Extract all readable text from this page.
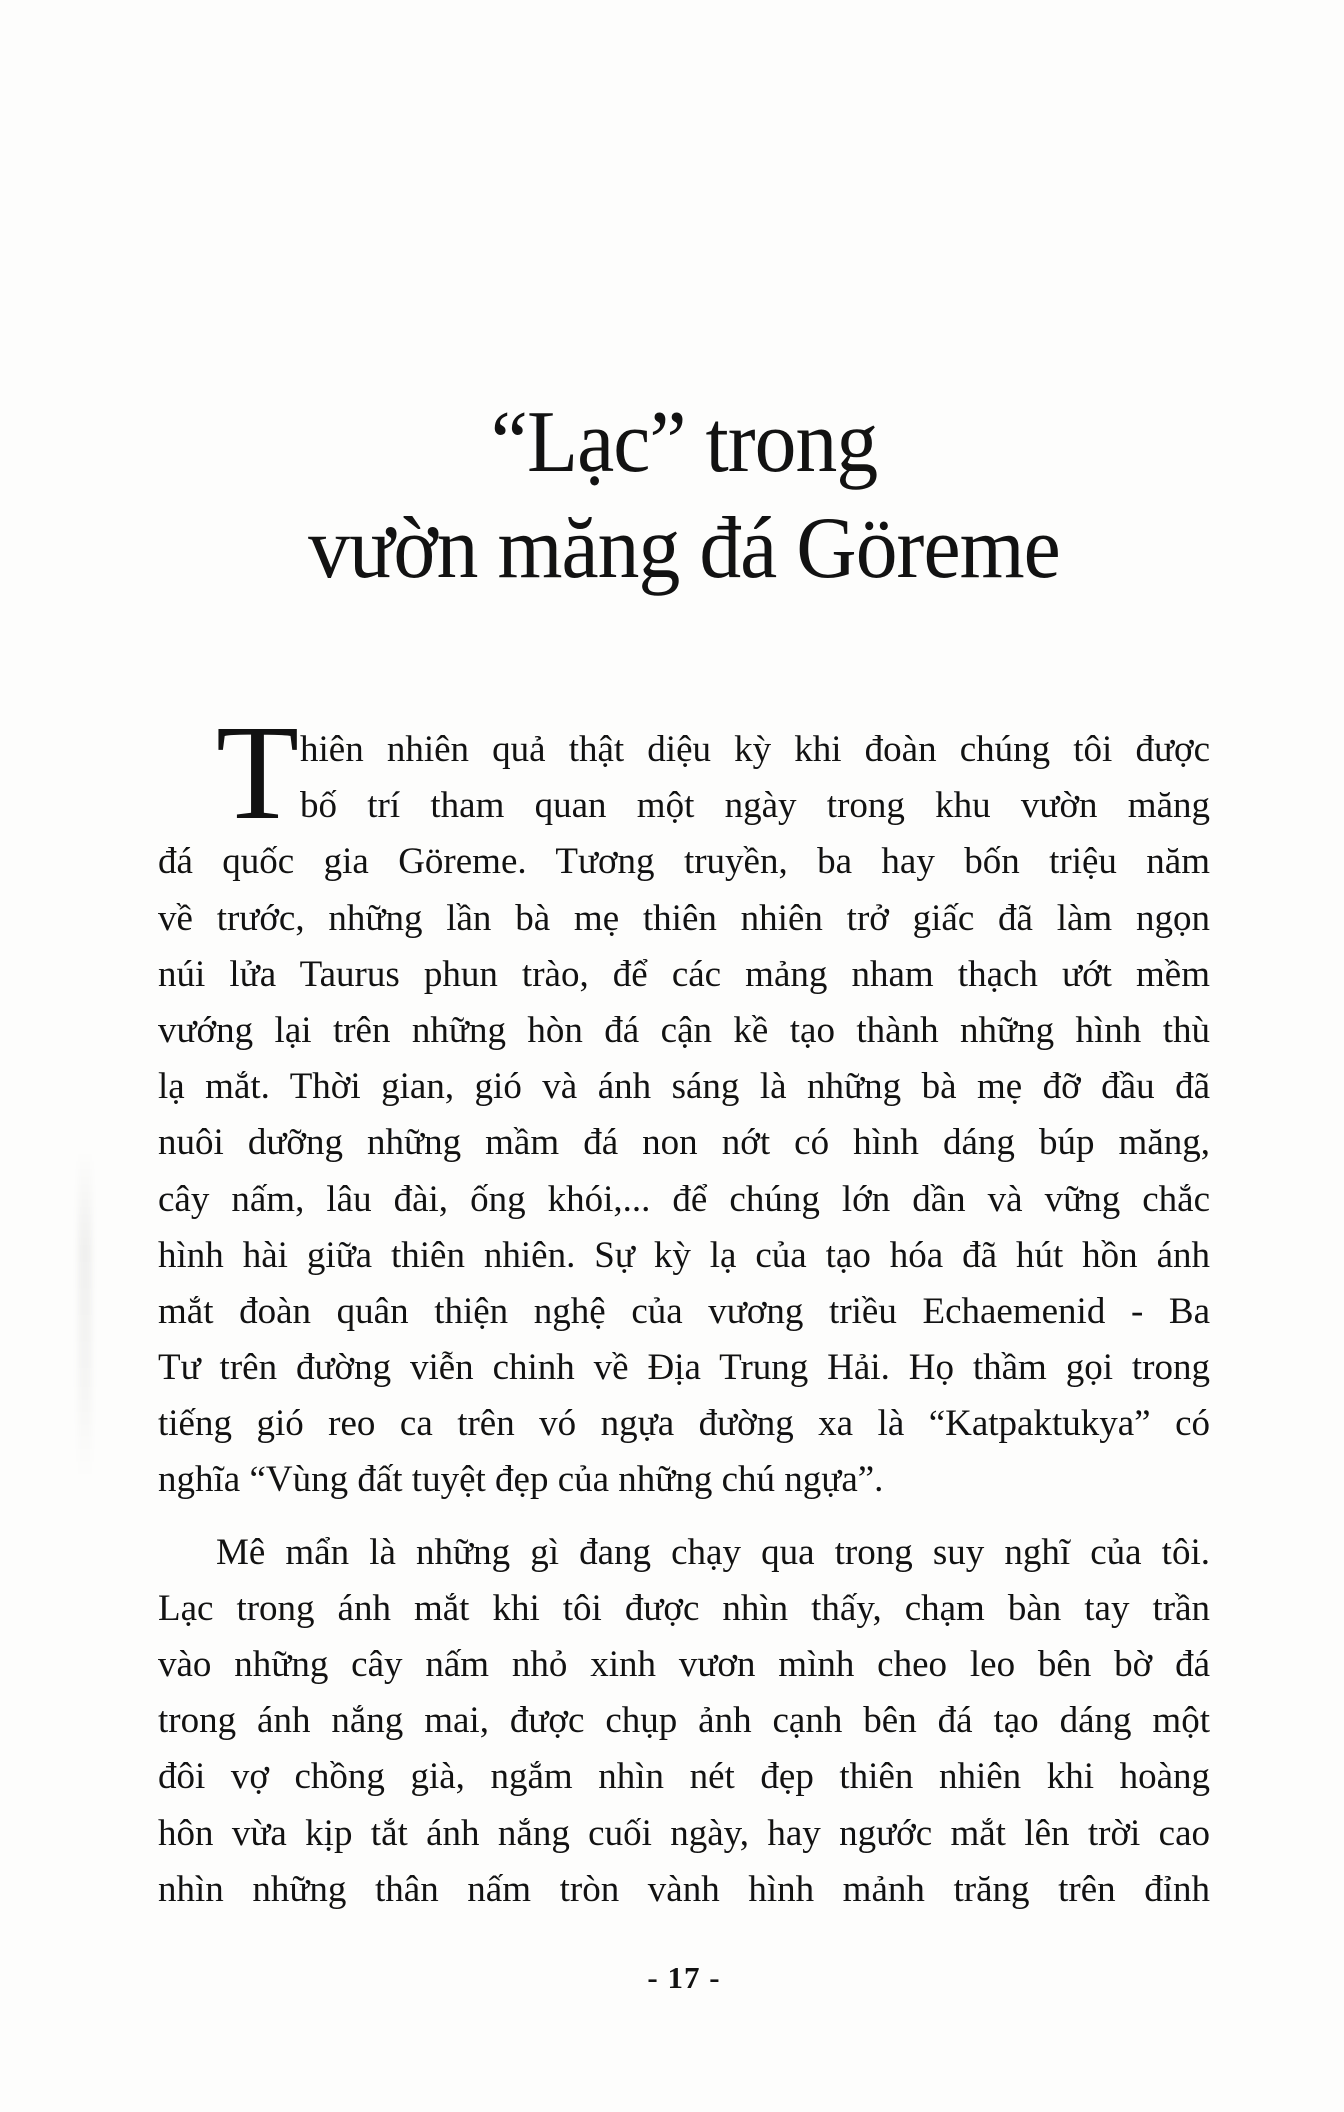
“Lạc” trong
vườn măng đá Göreme
T hiên nhiên quả thật diệu kỳ khi đoàn chúng tôi được
bố trí tham quan một ngày trong khu vườn măng
đá quốc gia Göreme. Tương truyền, ba hay bốn triệu năm
về trước, những lần bà mẹ thiên nhiên trở giấc đã làm ngọn
núi lửa Taurus phun trào, để các mảng nham thạch ướt mềm
vướng lại trên những hòn đá cận kề tạo thành những hình thù
lạ mắt. Thời gian, gió và ánh sáng là những bà mẹ đỡ đầu đã
nuôi dưỡng những mầm đá non nớt có hình dáng búp măng,
cây nấm, lâu đài, ống khói,... để chúng lớn dần và vững chắc
hình hài giữa thiên nhiên. Sự kỳ lạ của tạo hóa đã hút hồn ánh
mắt đoàn quân thiện nghệ của vương triều Echaemenid - Ba
Tư trên đường viễn chinh về Địa Trung Hải. Họ thầm gọi trong
tiếng gió reo ca trên vó ngựa đường xa là “Katpaktukya” có
nghĩa “Vùng đất tuyệt đẹp của những chú ngựa”.
Mê mẩn là những gì đang chạy qua trong suy nghĩ của tôi.
Lạc trong ánh mắt khi tôi được nhìn thấy, chạm bàn tay trần
vào những cây nấm nhỏ xinh vươn mình cheo leo bên bờ đá
trong ánh nắng mai, được chụp ảnh cạnh bên đá tạo dáng một
đôi vợ chồng già, ngắm nhìn nét đẹp thiên nhiên khi hoàng
hôn vừa kịp tắt ánh nắng cuối ngày, hay ngước mắt lên trời cao
nhìn những thân nấm tròn vành hình mảnh trăng trên đỉnh
- 17 -
